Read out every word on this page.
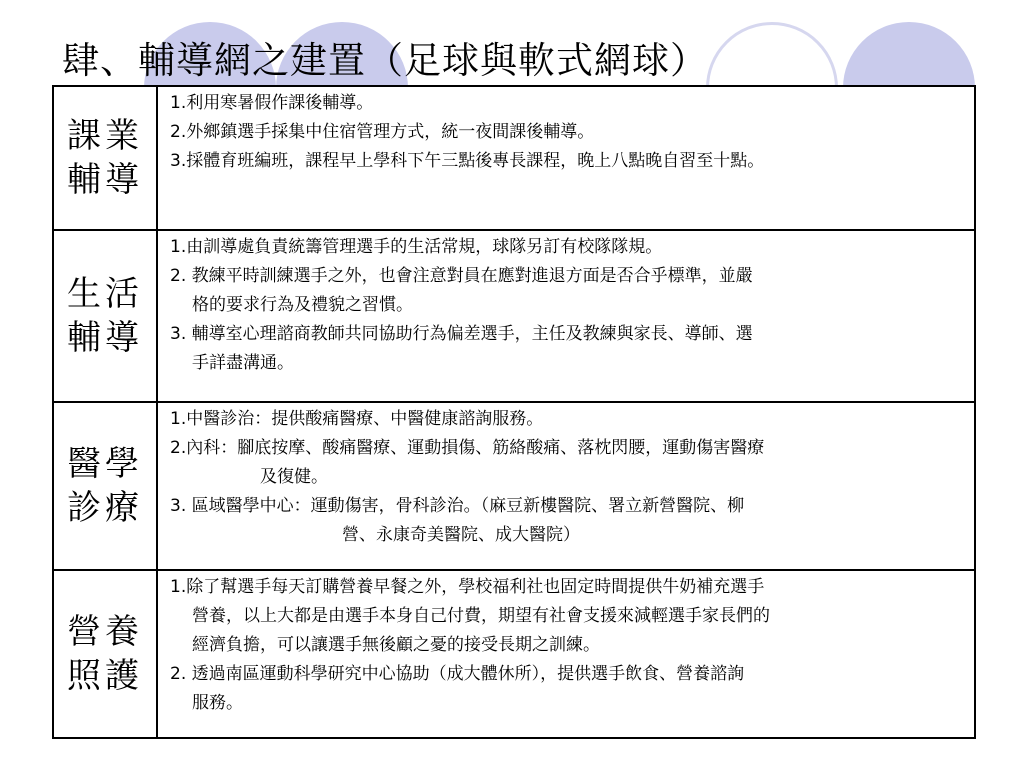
肆、輔導網之建置（足球與軟式網球）
課業
輔導	1.利用寒暑假作課後輔導。
2.外鄉鎮選手採集中住宿管理方式，統一夜間課後輔導。
3.採體育班編班，課程早上學科下午三點後專長課程，晚上八點晚自習至十點。

生活
輔導	1.由訓導處負責統籌管理選手的生活常規，球隊另訂有校隊隊規。
2. 教練平時訓練選手之外，也會注意對員在應對進退方面是否合乎標準，並嚴
格的要求行為及禮貌之習慣。
3. 輔導室心理諮商教師共同協助行為偏差選手，主任及教練與家長、導師、選
手詳盡溝通。

醫學
診療	1.中醫診治：提供酸痛醫療、中醫健康諮詢服務。
2.內科：腳底按摩、酸痛醫療、運動損傷、筋絡酸痛、落枕閃腰，運動傷害醫療
及復健。
3. 區域醫學中心：運動傷害，骨科診治。（麻豆新樓醫院、署立新營醫院、柳
營、永康奇美醫院、成大醫院）

營養
照護	1.除了幫選手每天訂購營養早餐之外，學校福利社也固定時間提供牛奶補充選手
營養，以上大都是由選手本身自己付費，期望有社會支援來減輕選手家長們的
經濟負擔，可以讓選手無後顧之憂的接受長期之訓練。
2. 透過南區運動科學研究中心協助（成大體休所），提供選手飲食、營養諮詢
服務。
